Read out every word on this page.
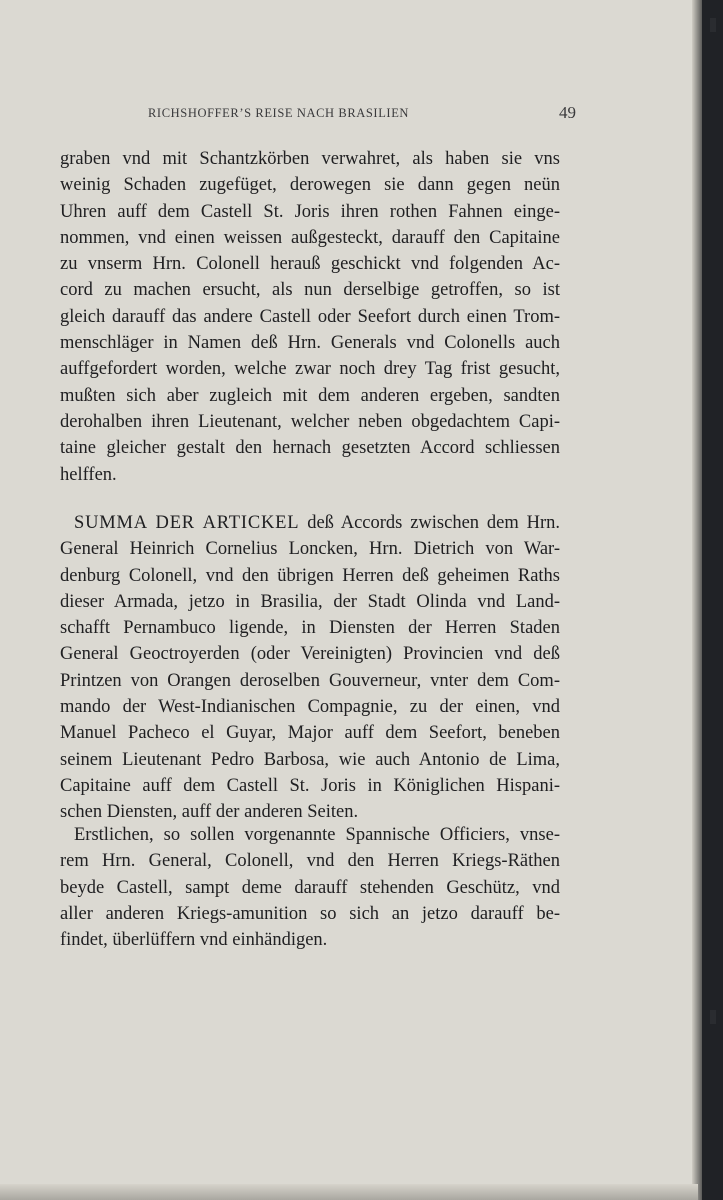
RICHSHOFFER’S REISE NACH BRASILIEN	49
graben vnd mit Schantzkörben verwahret, als haben sie vns
weinig Schaden zugefüget, derowegen sie dann gegen neün
Uhren auff dem Castell St. Joris ihren rothen Fahnen einge-
nommen, vnd einen weissen außgesteckt, darauff den Capitaine
zu vnserm Hrn. Colonell herauß geschickt vnd folgenden Ac-
cord zu machen ersucht, als nun derselbige getroffen, so ist
gleich darauff das andere Castell oder Seefort durch einen Trom-
menschläger in Namen deß Hrn. Generals vnd Colonells auch
auffgefordert worden, welche zwar noch drey Tag frist gesucht,
mußten sich aber zugleich mit dem anderen ergeben, sandten
derohalben ihren Lieutenant, welcher neben obgedachtem Capi-
taine gleicher gestalt den hernach gesetzten Accord schliessen
helffen.
SUMMA DER ARTICKEL deß Accords zwischen dem Hrn.
General Heinrich Cornelius Loncken, Hrn. Dietrich von War-
denburg Colonell, vnd den übrigen Herren deß geheimen Raths
dieser Armada, jetzo in Brasilia, der Stadt Olinda vnd Land-
schafft Pernambuco ligende, in Diensten der Herren Staden
General Geoctroyerden (oder Vereinigten) Provincien vnd deß
Printzen von Orangen deroselben Gouverneur, vnter dem Com-
mando der West-Indianischen Compagnie, zu der einen, vnd
Manuel Pacheco el Guyar, Major auff dem Seefort, beneben
seinem Lieutenant Pedro Barbosa, wie auch Antonio de Lima,
Capitaine auff dem Castell St. Joris in Königlichen Hispani-
schen Diensten, auff der anderen Seiten.
Erstlichen, so sollen vorgenannte Spannische Officiers, vnse-
rem Hrn. General, Colonell, vnd den Herren Kriegs-Räthen
beyde Castell, sampt deme darauff stehenden Geschütz, vnd
aller anderen Kriegs-amunition so sich an jetzo darauff be-
findet, überlüffern vnd einhändigen.
